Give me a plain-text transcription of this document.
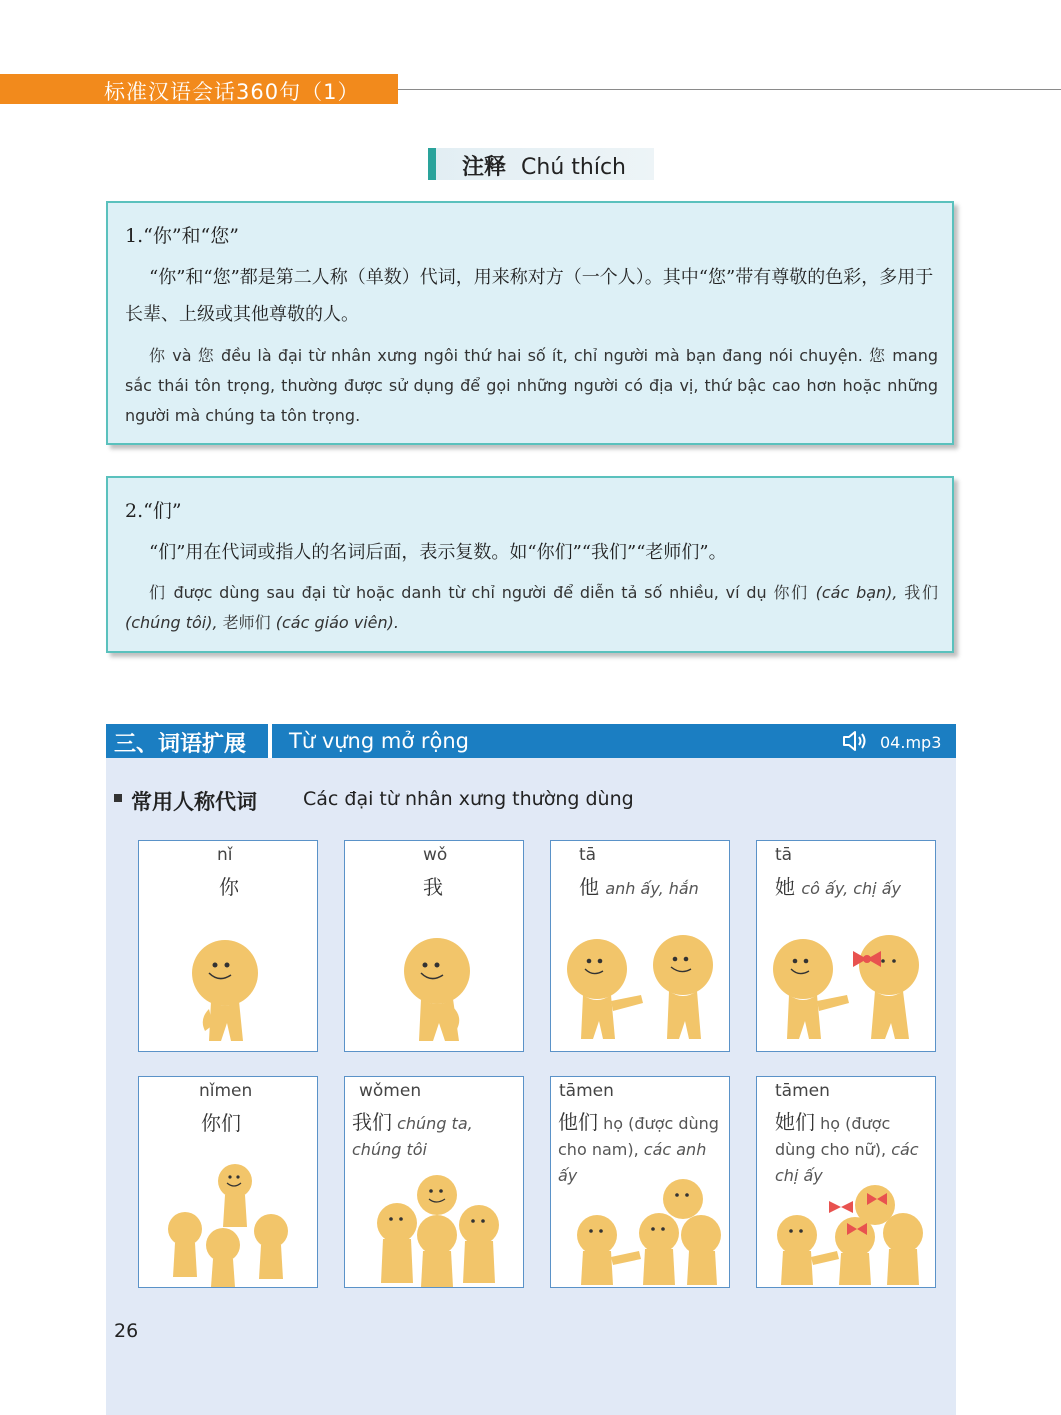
标准汉语会话360句（1）
注释 Chú thích
1.“你”和“您”
“你”和“您”都是第二人称（单数）代词，用来称对方（一个人）。其中“您”带有尊敬的色彩，多用于长辈、上级或其他尊敬的人。
你 và 您 đều là đại từ nhân xưng ngôi thứ hai số ít, chỉ người mà bạn đang nói chuyện. 您 mang sắc thái tôn trọng, thường được sử dụng để gọi những người có địa vị, thứ bậc cao hơn hoặc những người mà chúng ta tôn trọng.
2.“们”
“们”用在代词或指人的名词后面，表示复数。如“你们”“我们”“老师们”。
们 được dùng sau đại từ hoặc danh từ chỉ người để diễn tả số nhiều, ví dụ 你们 (các bạn), 我们 (chúng tôi), 老师们 (các giáo viên).
三、词语扩展 Từ vựng mở rộng	04.mp3
常用人称代词 Các đại từ nhân xưng thường dùng
nǐ
你
wǒ
我
tā
他 anh ấy, hắn
tā
她 cô ấy, chị ấy
nǐmen
你们
wǒmen
我们 chúng ta, chúng tôi
tāmen
他们 họ (được dùng cho nam), các anh ấy
tāmen
她们 họ (được dùng cho nữ), các chị ấy
26
